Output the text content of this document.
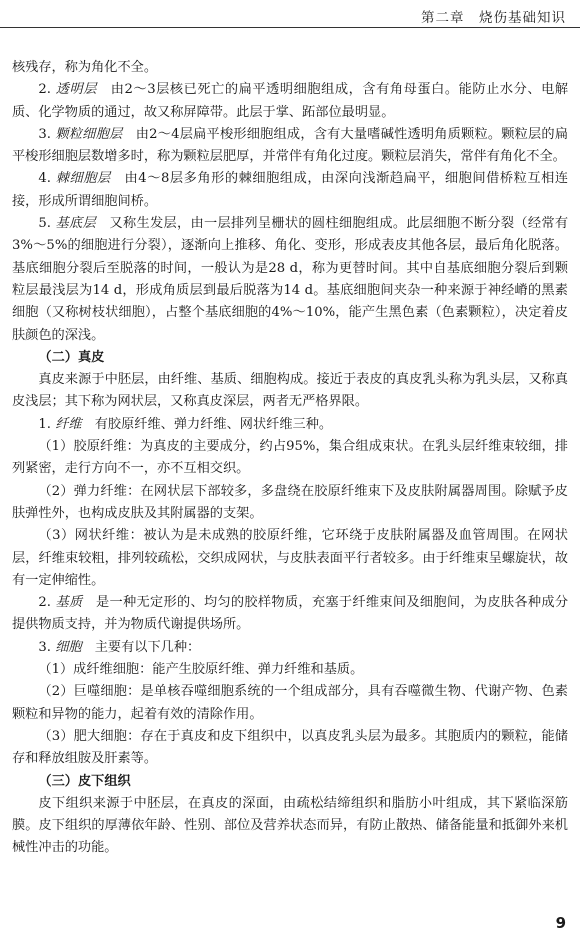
第二章　烧伤基础知识

核残存，称为角化不全。

2. 透明层　 由2～3层核已死亡的扁平透明细胞组成，含有角母蛋白。能防止水分、电解质、化学物质的通过，故又称屏障带。此层于掌、跖部位最明显。

3. 颗粒细胞层　 由2～4层扁平梭形细胞组成，含有大量嗜碱性透明角质颗粒。颗粒层的扁平梭形细胞层数增多时，称为颗粒层肥厚，并常伴有角化过度。颗粒层消失，常伴有角化不全。

4. 棘细胞层　 由4～8层多角形的棘细胞组成，由深向浅渐趋扁平，细胞间借桥粒互相连接，形成所谓细胞间桥。

5. 基底层　 又称生发层，由一层排列呈栅状的圆柱细胞组成。此层细胞不断分裂（经常有3%～5%的细胞进行分裂），逐渐向上推移、角化、变形，形成表皮其他各层，最后角化脱落。基底细胞分裂后至脱落的时间，一般认为是28 d，称为更替时间。其中自基底细胞分裂后到颗粒层最浅层为14 d，形成角质层到最后脱落为14 d。基底细胞间夹杂一种来源于神经嵴的黑素细胞（又称树枝状细胞），占整个基底细胞的4%～10%，能产生黑色素（色素颗粒），决定着皮肤颜色的深浅。

（二）真皮

真皮来源于中胚层，由纤维、基质、细胞构成。接近于表皮的真皮乳头称为乳头层，又称真皮浅层；其下称为网状层，又称真皮深层，两者无严格界限。

1. 纤维　 有胶原纤维、弹力纤维、网状纤维三种。

（1）胶原纤维：为真皮的主要成分，约占95%，集合组成束状。在乳头层纤维束较细，排列紧密，走行方向不一，亦不互相交织。

（2）弹力纤维：在网状层下部较多，多盘绕在胶原纤维束下及皮肤附属器周围。除赋予皮肤弹性外，也构成皮肤及其附属器的支架。

（3）网状纤维：被认为是未成熟的胶原纤维，它环绕于皮肤附属器及血管周围。在网状层，纤维束较粗，排列较疏松，交织成网状，与皮肤表面平行者较多。由于纤维束呈螺旋状，故有一定伸缩性。

2. 基质　 是一种无定形的、均匀的胶样物质，充塞于纤维束间及细胞间，为皮肤各种成分提供物质支持，并为物质代谢提供场所。

3. 细胞　 主要有以下几种：

（1）成纤维细胞：能产生胶原纤维、弹力纤维和基质。

（2）巨噬细胞：是单核吞噬细胞系统的一个组成部分，具有吞噬微生物、代谢产物、色素颗粒和异物的能力，起着有效的清除作用。

（3）肥大细胞：存在于真皮和皮下组织中，以真皮乳头层为最多。其胞质内的颗粒，能储存和释放组胺及肝素等。

（三）皮下组织

皮下组织来源于中胚层，在真皮的深面，由疏松结缔组织和脂肪小叶组成，其下紧临深筋膜。皮下组织的厚薄依年龄、性别、部位及营养状态而异，有防止散热、储备能量和抵御外来机械性冲击的功能。

9
